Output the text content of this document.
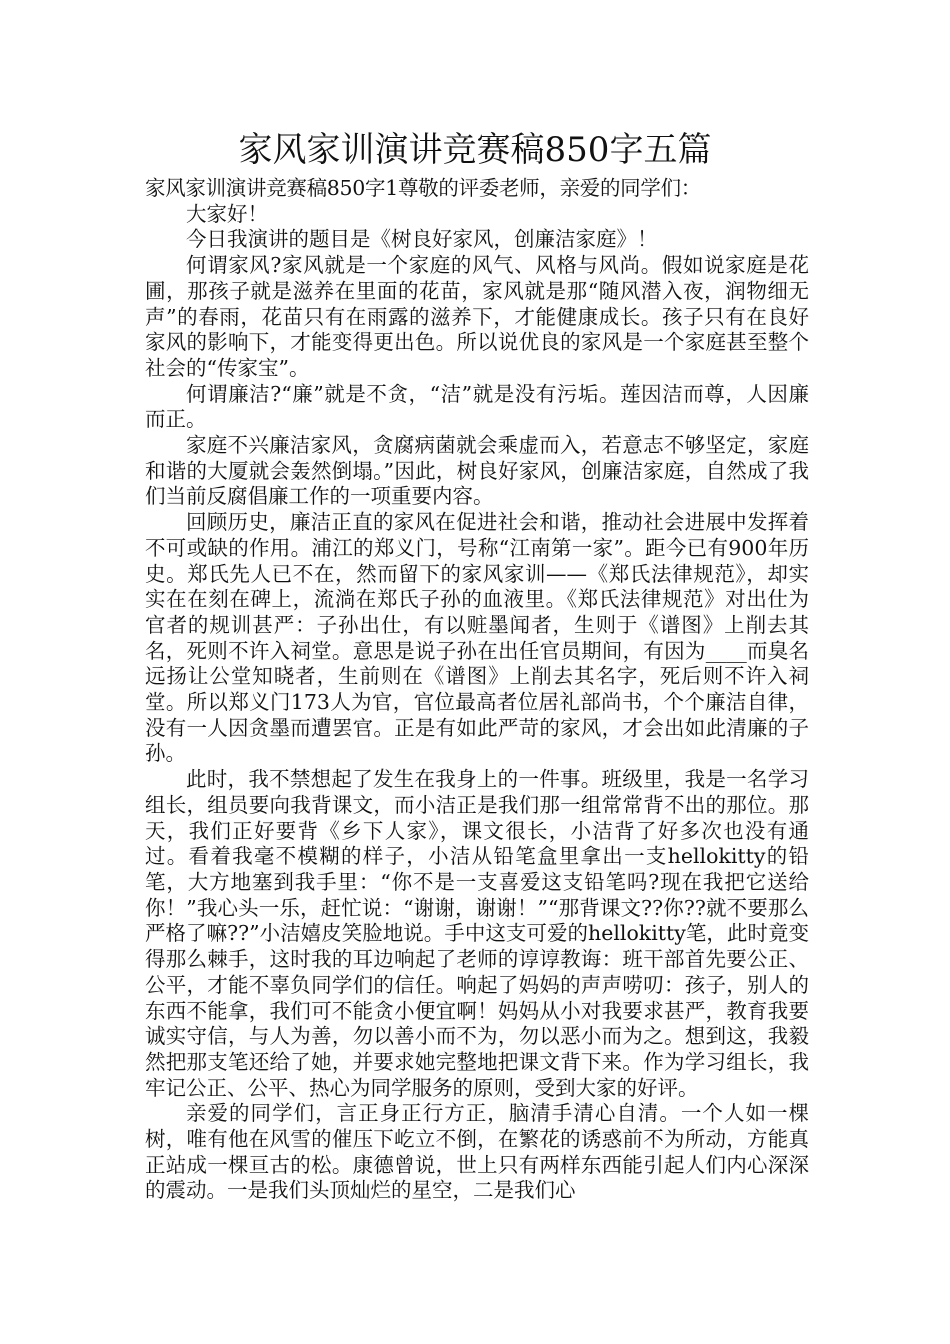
家风家训演讲竞赛稿850字五篇

家风家训演讲竞赛稿850字1尊敬的评委老师，亲爱的同学们：

大家好！

今日我演讲的题目是《树良好家风，创廉洁家庭》！

何谓家风?家风就是一个家庭的风气、风格与风尚。假如说家庭是花圃，那孩子就是滋养在里面的花苗，家风就是那“随风潜入夜，润物细无声”的春雨，花苗只有在雨露的滋养下，才能健康成长。孩子只有在良好家风的影响下，才能变得更出色。所以说优良的家风是一个家庭甚至整个社会的“传家宝”。

何谓廉洁?“廉”就是不贪，“洁”就是没有污垢。莲因洁而尊，人因廉而正。

家庭不兴廉洁家风，贪腐病菌就会乘虚而入，若意志不够坚定，家庭和谐的大厦就会轰然倒塌。”因此，树良好家风，创廉洁家庭，自然成了我们当前反腐倡廉工作的一项重要内容。

回顾历史，廉洁正直的家风在促进社会和谐，推动社会进展中发挥着不可或缺的作用。浦江的郑义门，号称“江南第一家”。距今已有900年历史。郑氏先人已不在，然而留下的家风家训——《郑氏法律规范》，却实实在在刻在碑上，流淌在郑氏子孙的血液里。《郑氏法律规范》对出仕为官者的规训甚严：子孙出仕，有以赃墨闻者，生则于《谱图》上削去其名，死则不许入祠堂。意思是说子孙在出任官员期间，有因为____而臭名远扬让公堂知晓者，生前则在《谱图》上削去其名字，死后则不许入祠堂。所以郑义门173人为官，官位最高者位居礼部尚书，个个廉洁自律，没有一人因贪墨而遭罢官。正是有如此严苛的家风，才会出如此清廉的子孙。

此时，我不禁想起了发生在我身上的一件事。班级里，我是一名学习组长，组员要向我背课文，而小洁正是我们那一组常常背不出的那位。那天，我们正好要背《乡下人家》，课文很长，小洁背了好多次也没有通过。看着我毫不模糊的样子，小洁从铅笔盒里拿出一支hellokitty的铅笔，大方地塞到我手里：“你不是一支喜爱这支铅笔吗?现在我把它送给你！”我心头一乐，赶忙说：“谢谢，谢谢！”“那背课文??你??就不要那么严格了嘛??”小洁嬉皮笑脸地说。手中这支可爱的hellokitty笔，此时竟变得那么棘手，这时我的耳边响起了老师的谆谆教诲：班干部首先要公正、公平，才能不辜负同学们的信任。响起了妈妈的声声唠叨：孩子，别人的东西不能拿，我们可不能贪小便宜啊！妈妈从小对我要求甚严，教育我要诚实守信，与人为善，勿以善小而不为，勿以恶小而为之。想到这，我毅然把那支笔还给了她，并要求她完整地把课文背下来。作为学习组长，我牢记公正、公平、热心为同学服务的原则，受到大家的好评。

亲爱的同学们，言正身正行方正，脑清手清心自清。一个人如一棵树，唯有他在风雪的催压下屹立不倒，在繁花的诱惑前不为所动，方能真正站成一棵亘古的松。康德曾说，世上只有两样东西能引起人们内心深深的震动。一是我们头顶灿烂的星空，二是我们心
